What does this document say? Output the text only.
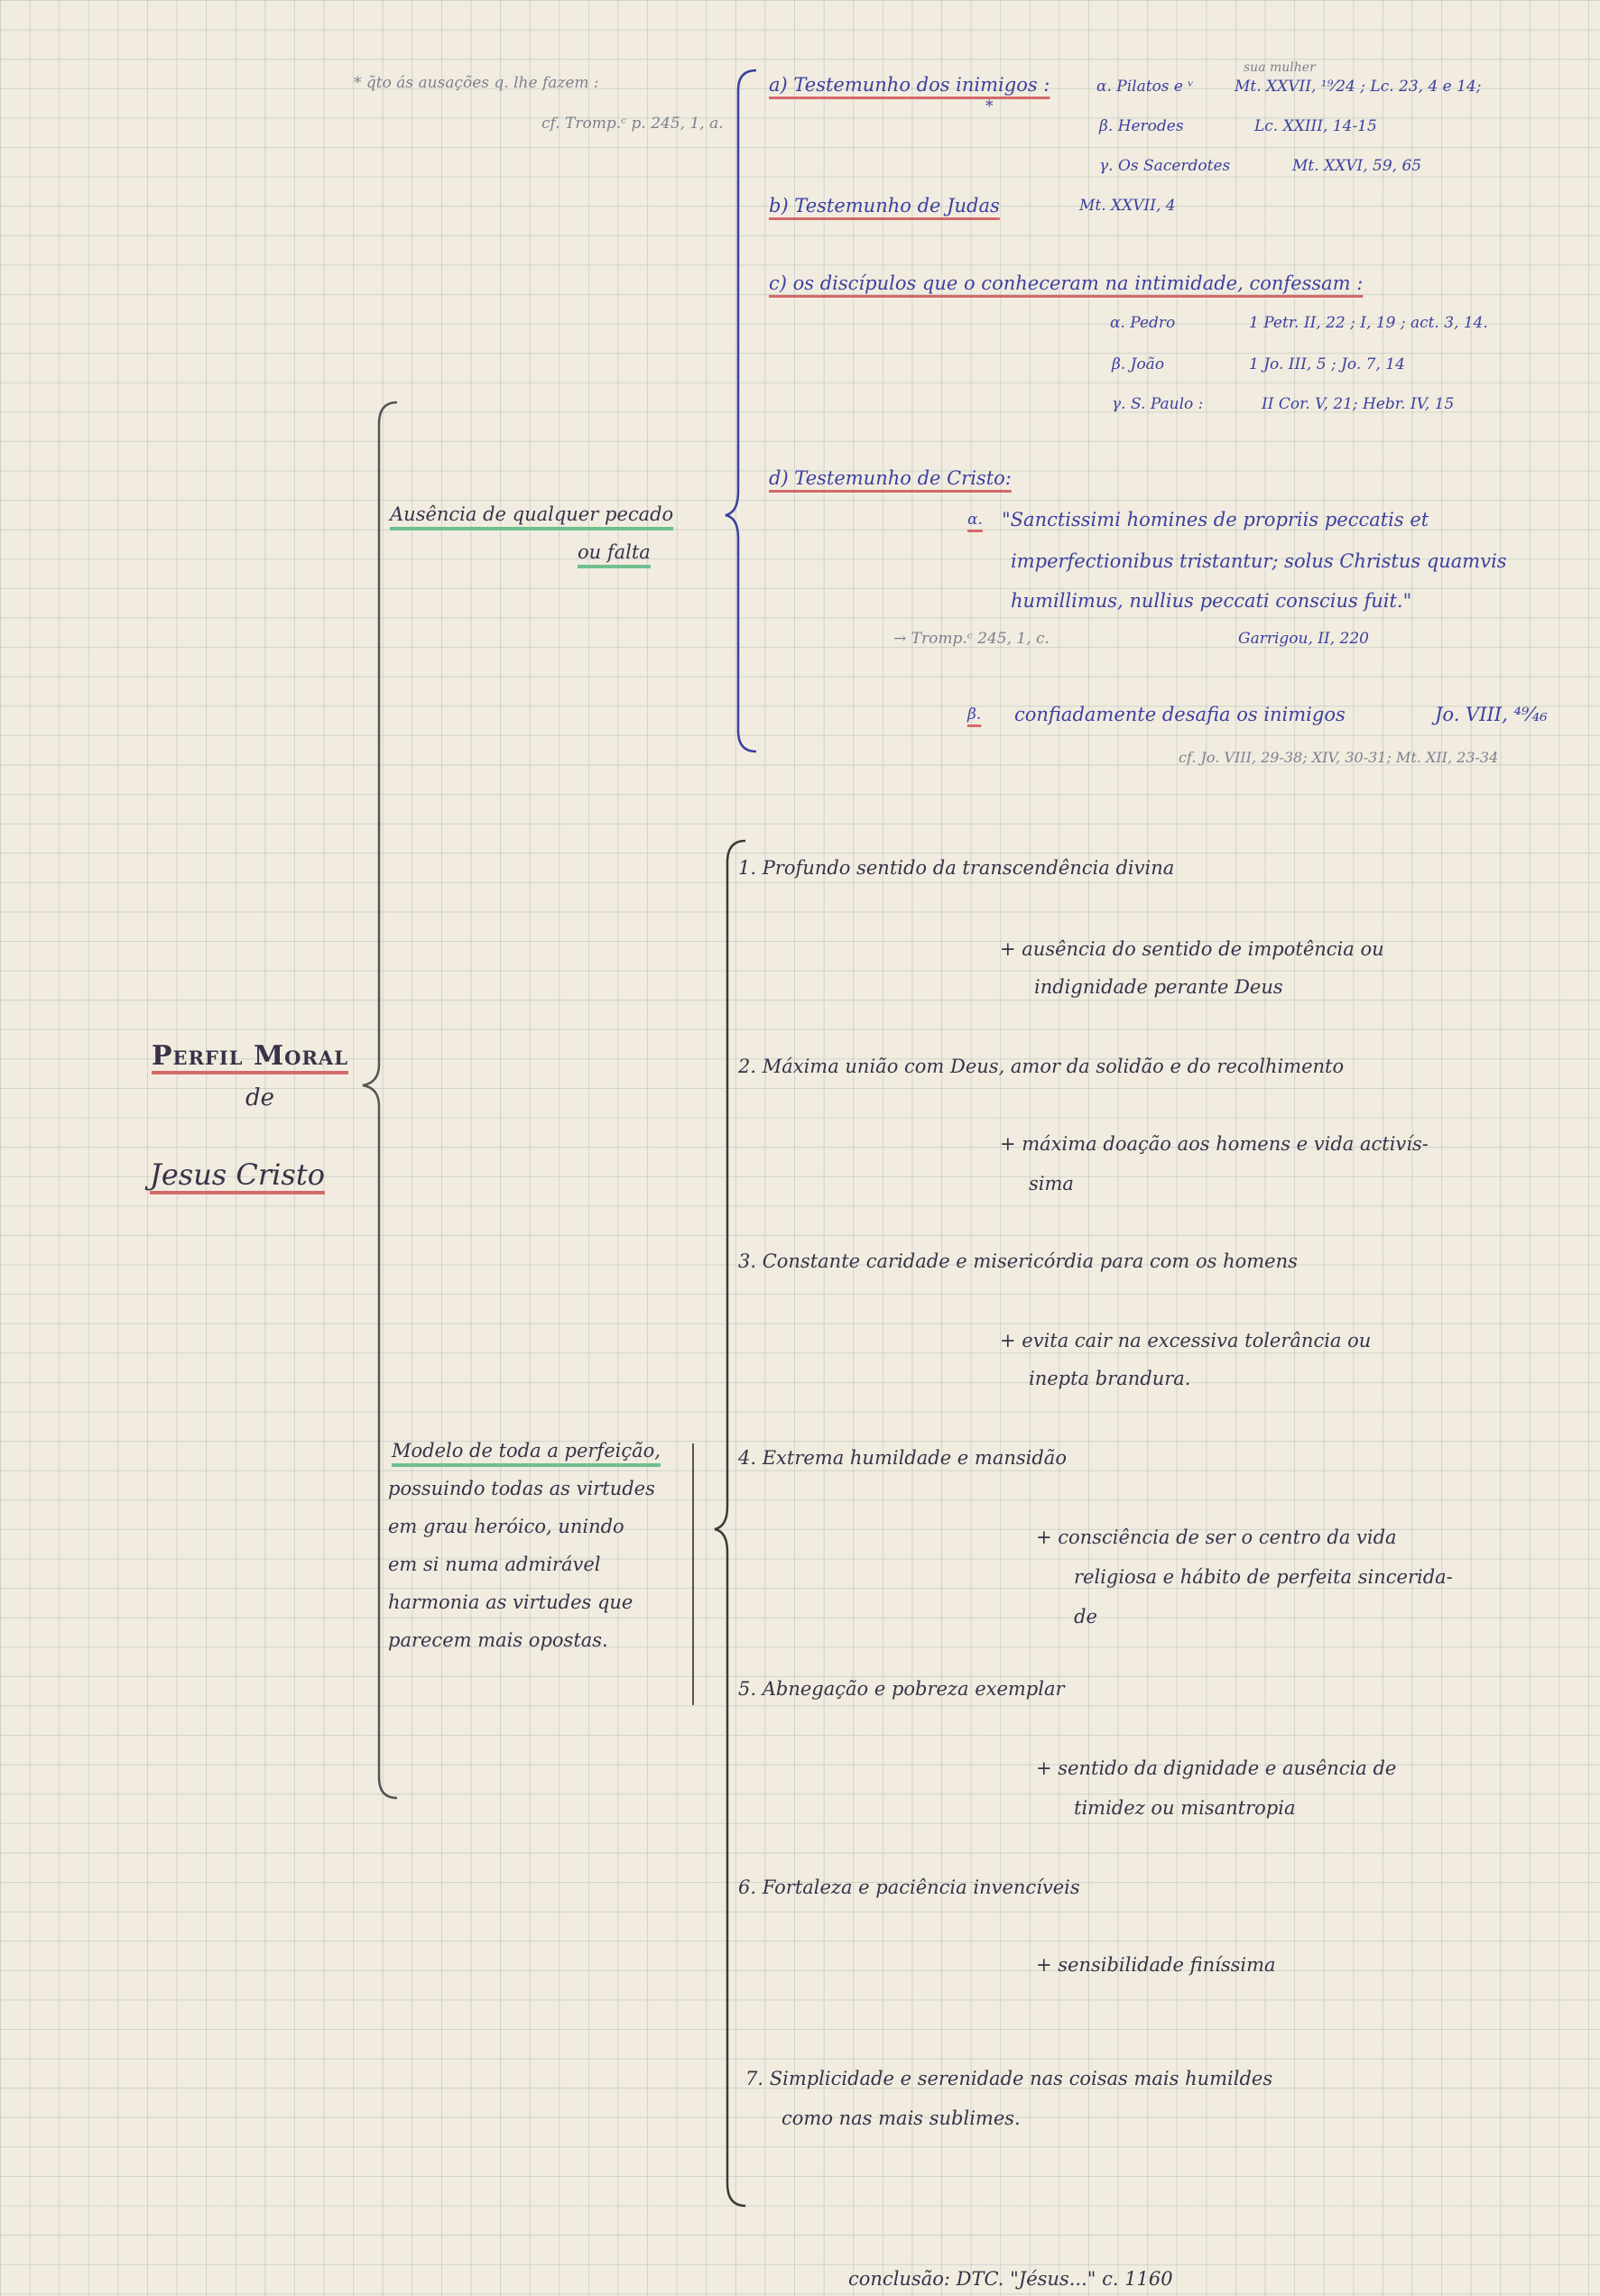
Perfil Moral
de
Jesus Cristo
* q̃to ás ausações q. lhe fazem :
cf. Tromp.ᶜ p. 245, 1, a.
Ausência de qualquer pecado
ou falta
Modelo de toda a perfeição,
possuindo todas as virtudes
em grau heróico, unindo
em si numa admirável
harmonia as virtudes que
parecem mais opostas.
a) Testemunho dos inimigos :
sua mulher
α. Pilatos e ᵛ	Mt. XXVII, ¹⁹⁄24 ; Lc. 23, 4 e 14;
*
β. Herodes	Lc. XXIII, 14-15
γ. Os Sacerdotes	Mt. XXVI, 59, 65
b) Testemunho de Judas	Mt. XXVII, 4
c) os discípulos que o conheceram na intimidade, confessam :
α. Pedro	1 Petr. II, 22 ; I, 19 ; act. 3, 14.
β. João	1 Jo. III, 5 ; Jo. 7, 14
γ. S. Paulo :	II Cor. V, 21; Hebr. IV, 15
d) Testemunho de Cristo:
α. "Sanctissimi homines de propriis peccatis et
imperfectionibus tristantur; solus Christus quamvis
humillimus, nullius peccati conscius fuit."
→ Tromp.ᶜ 245, 1, c.	Garrigou, II, 220
β. confiadamente desafia os inimigos	Jo. VIII, ⁴⁹⁄₄₆
cf. Jo. VIII, 29-38; XIV, 30-31; Mt. XII, 23-34
1. Profundo sentido da transcendência divina
+ ausência do sentido de impotência ou
indignidade perante Deus
2. Máxima união com Deus, amor da solidão e do recolhimento
+ máxima doação aos homens e vida activís-
sima
3. Constante caridade e misericórdia para com os homens
+ evita cair na excessiva tolerância ou
inepta brandura.
4. Extrema humildade e mansidão
+ consciência de ser o centro da vida
religiosa e hábito de perfeita sincerida-
de
5. Abnegação e pobreza exemplar
+ sentido da dignidade e ausência de
timidez ou misantropia
6. Fortaleza e paciência invencíveis
+ sensibilidade finíssima
7. Simplicidade e serenidade nas coisas mais humildes
como nas mais sublimes.
conclusão: DTC. "Jésus..." c. 1160
